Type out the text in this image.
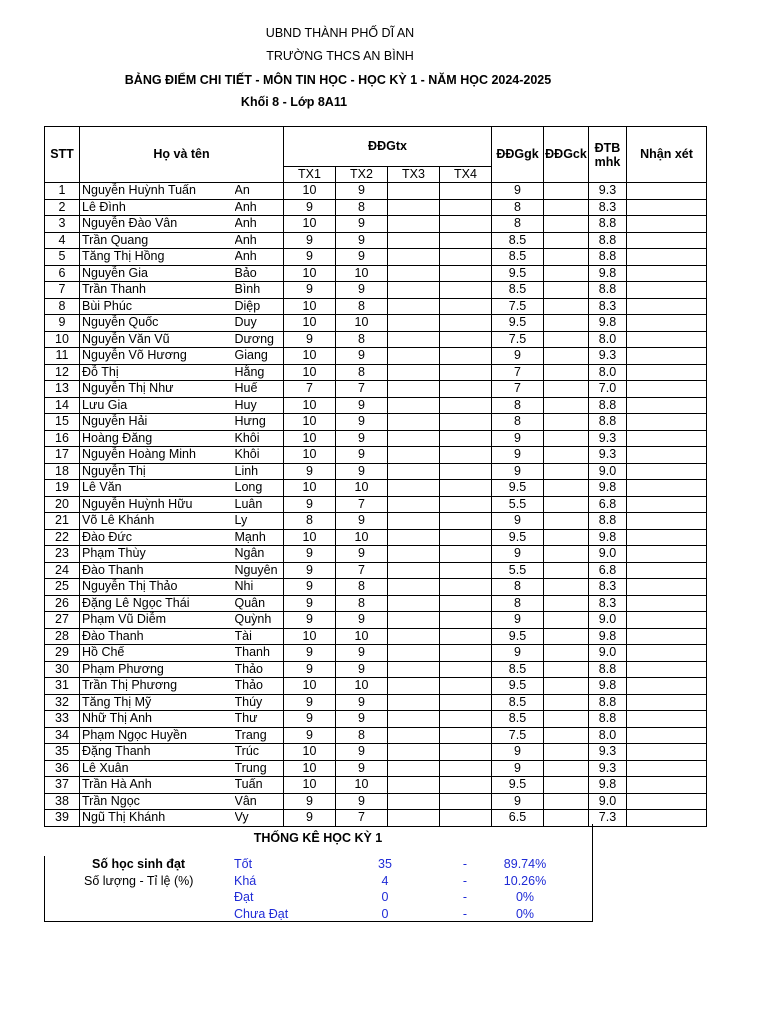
UBND THÀNH PHỐ DĨ AN
TRƯỜNG THCS AN BÌNH
BẢNG ĐIỂM CHI TIẾT - MÔN TIN HỌC - HỌC KỲ 1 - NĂM HỌC 2024-2025
Khối 8 - Lớp 8A11
STT	Họ và tên		ĐĐGtx				ĐĐGgk	ĐĐGck	ĐTB mhk	Nhận xét
			TX1	TX2	TX3	TX4				
1	Nguyễn Huỳnh Tuấn	An	10	9			9		9.3	
2	Lê Đình	Anh	9	8			8		8.3	
3	Nguyễn Đào Vân	Anh	10	9			8		8.8	
4	Trần Quang	Anh	9	9			8.5		8.8	
5	Tăng Thị Hồng	Anh	9	9			8.5		8.8	
6	Nguyễn Gia	Bảo	10	10			9.5		9.8	
7	Trần Thanh	Bình	9	9			8.5		8.8	
8	Bùi Phúc	Diệp	10	8			7.5		8.3	
9	Nguyễn Quốc	Duy	10	10			9.5		9.8	
10	Nguyễn Văn Vũ	Dương	9	8			7.5		8.0	
11	Nguyễn Võ Hương	Giang	10	9			9		9.3	
12	Đỗ Thị	Hằng	10	8			7		8.0	
13	Nguyễn Thị Như	Huế	7	7			7		7.0	
14	Lưu Gia	Huy	10	9			8		8.8	
15	Nguyễn Hải	Hưng	10	9			8		8.8	
16	Hoàng Đăng	Khôi	10	9			9		9.3	
17	Nguyễn Hoàng Minh	Khôi	10	9			9		9.3	
18	Nguyễn Thị	Linh	9	9			9		9.0	
19	Lê Văn	Long	10	10			9.5		9.8	
20	Nguyễn Huỳnh Hữu	Luân	9	7			5.5		6.8	
21	Võ Lê Khánh	Ly	8	9			9		8.8	
22	Đào Đức	Mạnh	10	10			9.5		9.8	
23	Phạm Thùy	Ngân	9	9			9		9.0	
24	Đào Thanh	Nguyên	9	7			5.5		6.8	
25	Nguyễn Thị Thảo	Nhi	9	8			8		8.3	
26	Đặng Lê Ngọc Thái	Quân	9	8			8		8.3	
27	Phạm Vũ Diễm	Quỳnh	9	9			9		9.0	
28	Đào Thanh	Tài	10	10			9.5		9.8	
29	Hồ Chế	Thanh	9	9			9		9.0	
30	Phạm Phương	Thảo	9	9			8.5		8.8	
31	Trần Thị Phương	Thảo	10	10			9.5		9.8	
32	Tăng Thị Mỹ	Thúy	9	9			8.5		8.8	
33	Nhữ Thị Anh	Thư	9	9			8.5		8.8	
34	Phạm Ngọc Huyền	Trang	9	8			7.5		8.0	
35	Đặng Thanh	Trúc	10	9			9		9.3	
36	Lê Xuân	Trung	10	9			9		9.3	
37	Trần Hà Anh	Tuấn	10	10			9.5		9.8	
38	Trần Ngọc	Vân	9	9			9		9.0	
39	Ngũ Thị Khánh	Vy	9	7			6.5		7.3	
THỐNG KÊ HỌC KỲ 1
Số học sinh đạt
Số lượng - Tỉ lệ (%)
Tốt	35	-	89.74%
Khá	4	-	10.26%
Đạt	0	-	0%
Chưa Đạt	0	-	0%
